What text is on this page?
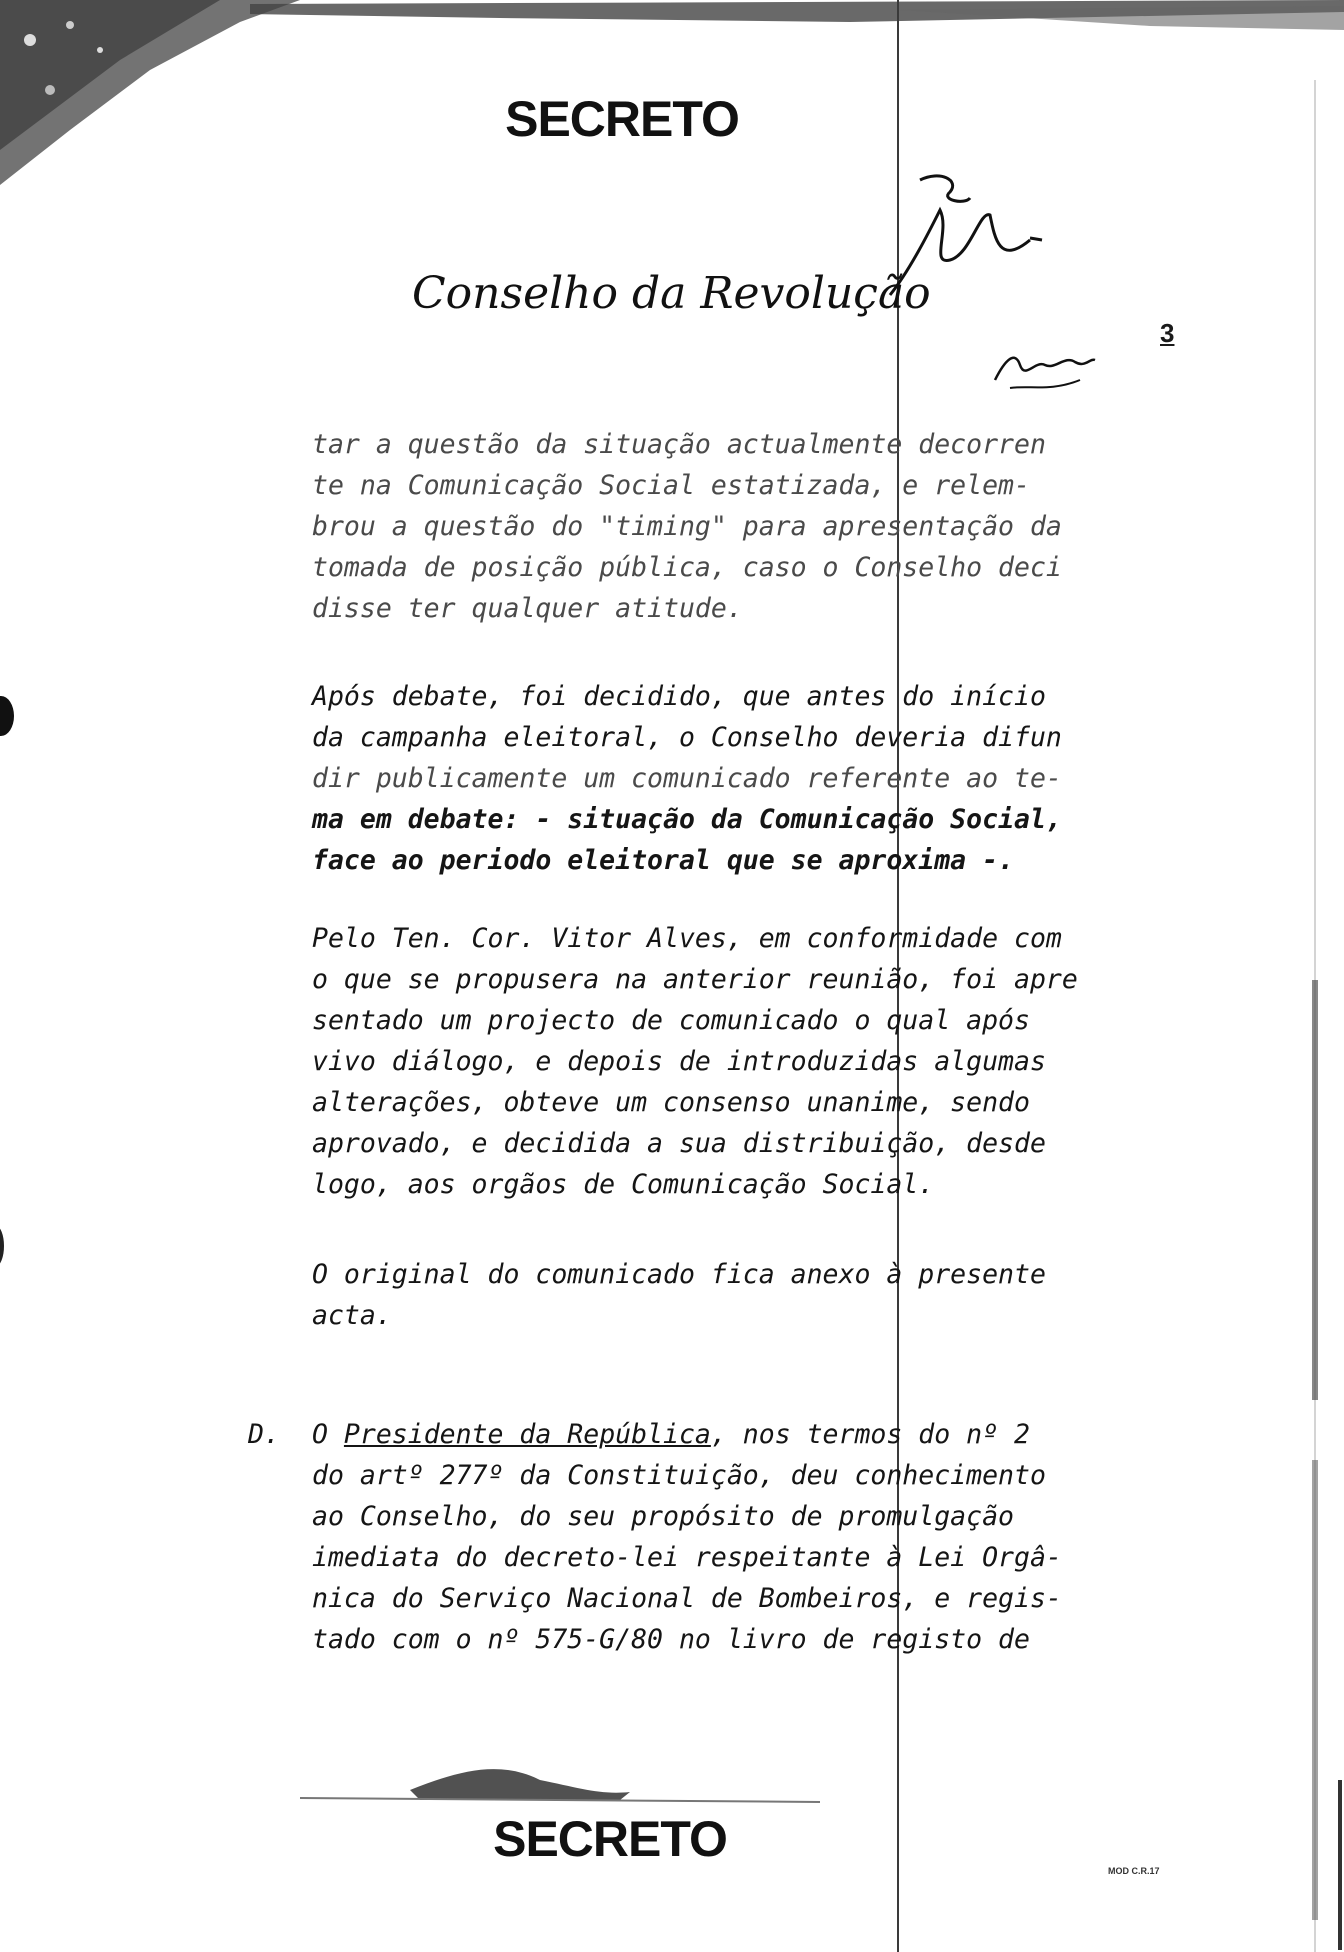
SECRETO
Conselho da Revolução
3
tar a questão da situação actualmente decorren
te na Comunicação Social estatizada, e relem-
brou a questão do "timing" para apresentação da
tomada de posição pública, caso o Conselho deci
disse ter qualquer atitude.
Após debate, foi decidido, que antes do início
da campanha eleitoral, o Conselho deveria difun
dir publicamente um comunicado referente ao te-
ma em debate: - situação da Comunicação Social,
face ao periodo eleitoral que se aproxima -.
Pelo Ten. Cor. Vitor Alves, em conformidade com
o que se propusera na anterior reunião, foi apre
sentado um projecto de comunicado o qual após
vivo diálogo, e depois de introduzidas algumas
alterações, obteve um consenso unanime, sendo
aprovado, e decidida a sua distribuição, desde
logo, aos orgãos de Comunicação Social.
O original do comunicado fica anexo à presente
acta.
D. O Presidente da República, nos termos do nº 2
do artº 277º da Constituição, deu conhecimento
ao Conselho, do seu propósito de promulgação
imediata do decreto-lei respeitante à Lei Orgâ-
nica do Serviço Nacional de Bombeiros, e regis-
tado com o nº 575-G/80 no livro de registo de
SECRETO
MOD C.R.17
